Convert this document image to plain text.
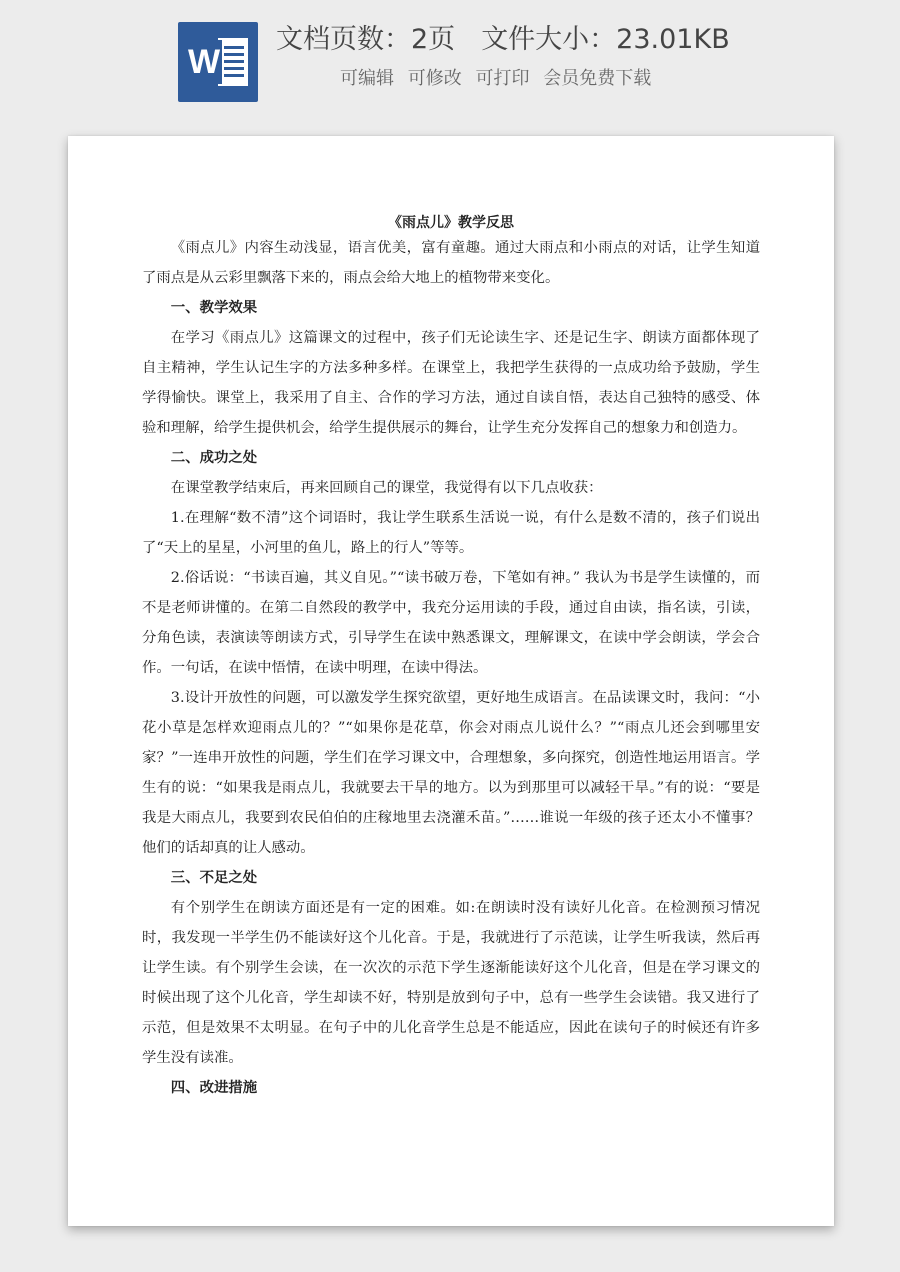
W
文档页数：2页 文件大小：23.01KB
可编辑 可修改 可打印 会员免费下载
《雨点儿》教学反思

《雨点儿》内容生动浅显，语言优美，富有童趣。通过大雨点和小雨点的对话，让学生知道了雨点是从云彩里飘落下来的，雨点会给大地上的植物带来变化。

一、教学效果

在学习《雨点儿》这篇课文的过程中，孩子们无论读生字、还是记生字、朗读方面都体现了自主精神，学生认记生字的方法多种多样。在课堂上，我把学生获得的一点成功给予鼓励，学生学得愉快。课堂上，我采用了自主、合作的学习方法，通过自读自悟，表达自己独特的感受、体验和理解，给学生提供机会，给学生提供展示的舞台，让学生充分发挥自己的想象力和创造力。

二、成功之处

在课堂教学结束后，再来回顾自己的课堂，我觉得有以下几点收获：

1.在理解“数不清”这个词语时，我让学生联系生活说一说，有什么是数不清的，孩子们说出了“天上的星星，小河里的鱼儿，路上的行人”等等。

2.俗话说：“书读百遍，其义自见。”“读书破万卷，下笔如有神。” 我认为书是学生读懂的，而不是老师讲懂的。在第二自然段的教学中，我充分运用读的手段，通过自由读，指名读，引读，分角色读，表演读等朗读方式，引导学生在读中熟悉课文，理解课文，在读中学会朗读，学会合作。一句话，在读中悟情，在读中明理，在读中得法。

3.设计开放性的问题，可以激发学生探究欲望，更好地生成语言。在品读课文时，我问：“小花小草是怎样欢迎雨点儿的？”“如果你是花草，你会对雨点儿说什么？”“雨点儿还会到哪里安家？”一连串开放性的问题，学生们在学习课文中，合理想象，多向探究，创造性地运用语言。学生有的说：“如果我是雨点儿，我就要去干旱的地方。以为到那里可以减轻干旱。”有的说：“要是我是大雨点儿，我要到农民伯伯的庄稼地里去浇灌禾苗。”……谁说一年级的孩子还太小不懂事？他们的话却真的让人感动。

三、不足之处

有个别学生在朗读方面还是有一定的困难。如:在朗读时没有读好儿化音。在检测预习情况时，我发现一半学生仍不能读好这个儿化音。于是，我就进行了示范读，让学生听我读，然后再让学生读。有个别学生会读，在一次次的示范下学生逐渐能读好这个儿化音，但是在学习课文的时候出现了这个儿化音，学生却读不好，特别是放到句子中，总有一些学生会读错。我又进行了示范，但是效果不太明显。在句子中的儿化音学生总是不能适应，因此在读句子的时候还有许多学生没有读准。

四、改进措施
